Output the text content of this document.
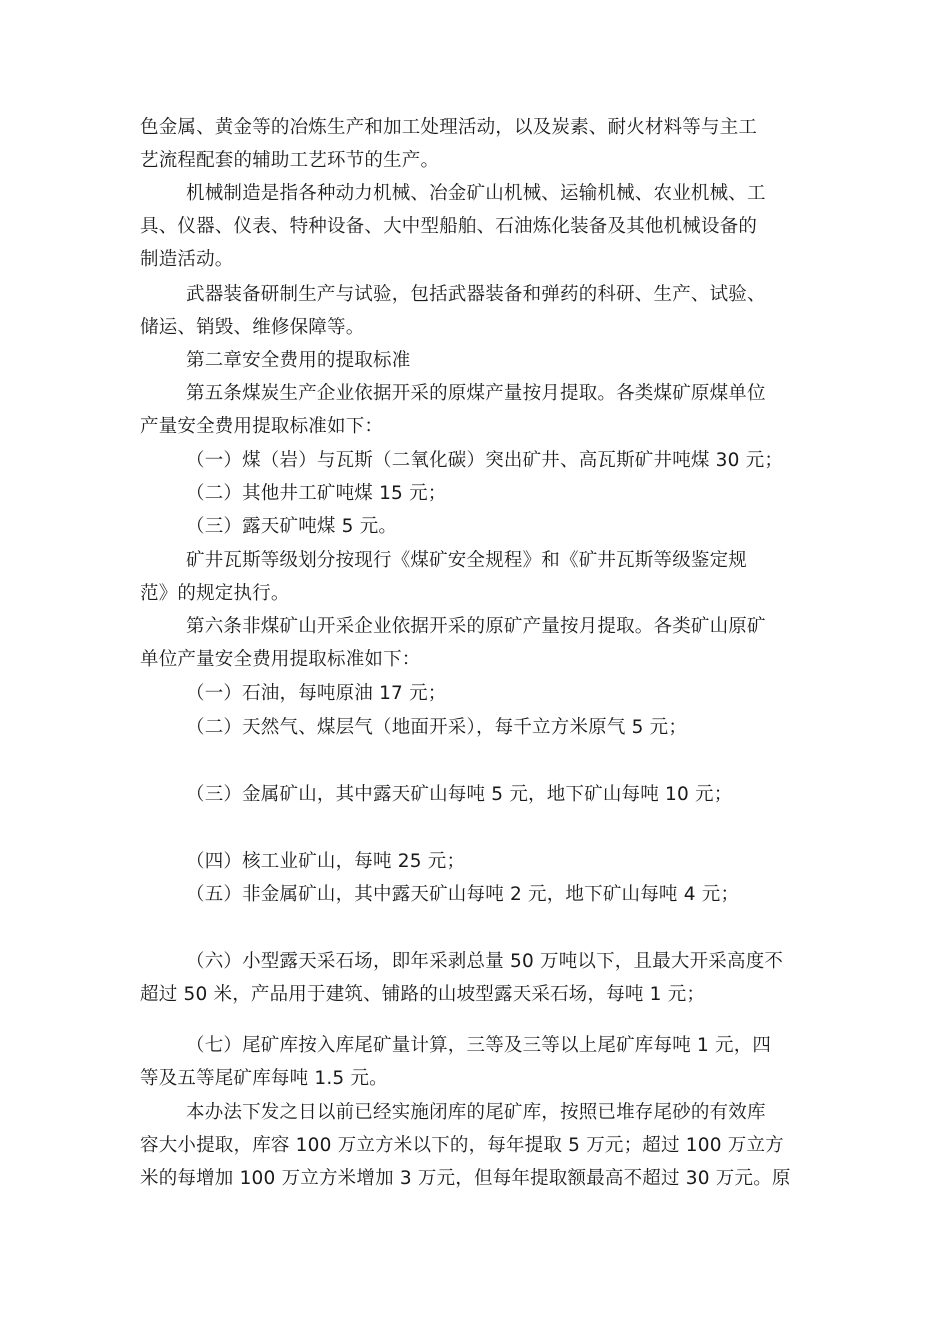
色金属、黄金等的冶炼生产和加工处理活动，以及炭素、耐火材料等与主工
艺流程配套的辅助工艺环节的生产。
机械制造是指各种动力机械、冶金矿山机械、运输机械、农业机械、工
具、仪器、仪表、特种设备、大中型船舶、石油炼化装备及其他机械设备的
制造活动。
武器装备研制生产与试验，包括武器装备和弹药的科研、生产、试验、
储运、销毁、维修保障等。
第二章安全费用的提取标准
第五条煤炭生产企业依据开采的原煤产量按月提取。各类煤矿原煤单位
产量安全费用提取标准如下：
（一）煤（岩）与瓦斯（二氧化碳）突出矿井、高瓦斯矿井吨煤 30 元；
（二）其他井工矿吨煤 15 元；
（三）露天矿吨煤 5 元。
矿井瓦斯等级划分按现行《煤矿安全规程》和《矿井瓦斯等级鉴定规
范》的规定执行。
第六条非煤矿山开采企业依据开采的原矿产量按月提取。各类矿山原矿
单位产量安全费用提取标准如下：
（一）石油，每吨原油 17 元；
（二）天然气、煤层气（地面开采），每千立方米原气 5 元；
（三）金属矿山，其中露天矿山每吨 5 元，地下矿山每吨 10 元；
（四）核工业矿山，每吨 25 元；
（五）非金属矿山，其中露天矿山每吨 2 元，地下矿山每吨 4 元；
（六）小型露天采石场，即年采剥总量 50 万吨以下，且最大开采高度不
超过 50 米，产品用于建筑、铺路的山坡型露天采石场，每吨 1 元；
（七）尾矿库按入库尾矿量计算，三等及三等以上尾矿库每吨 1 元，四
等及五等尾矿库每吨 1.5 元。
本办法下发之日以前已经实施闭库的尾矿库，按照已堆存尾砂的有效库
容大小提取，库容 100 万立方米以下的，每年提取 5 万元；超过 100 万立方
米的每增加 100 万立方米增加 3 万元，但每年提取额最高不超过 30 万元。原
